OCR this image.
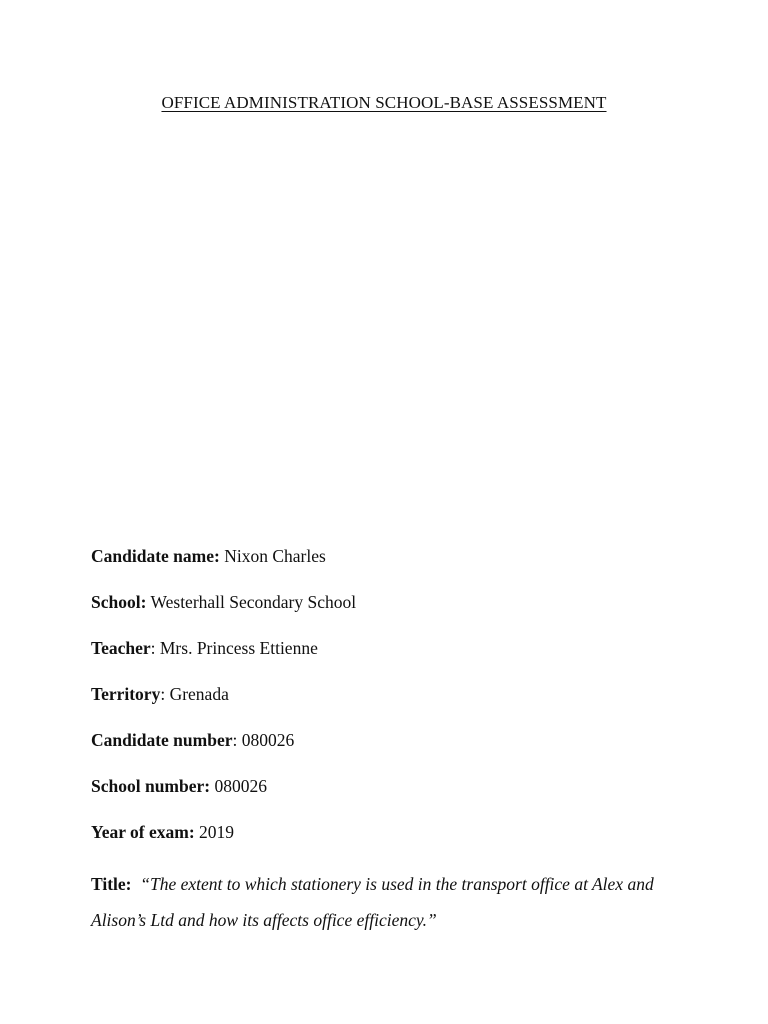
OFFICE ADMINISTRATION SCHOOL-BASE ASSESSMENT
Candidate name: Nixon Charles
School: Westerhall Secondary School
Teacher: Mrs. Princess Ettienne
Territory: Grenada
Candidate number: 080026
School number: 080026
Year of exam: 2019
Title: “The extent to which stationery is used in the transport office at Alex and Alison’s Ltd and how its affects office efficiency.”
